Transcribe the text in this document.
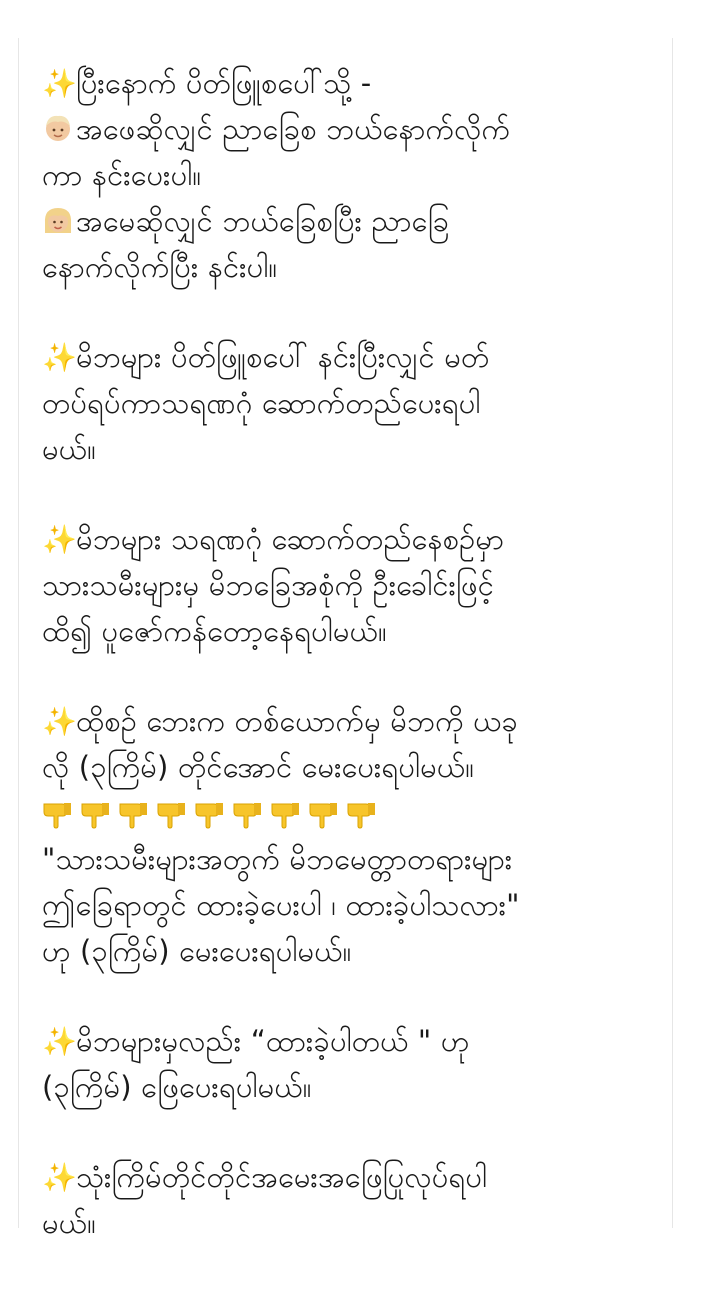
✨ပြီးနောက် ပိတ်ဖြူစပေါ်သို့ -
အဖေဆိုလျှင် ညာခြေစ ဘယ်နောက်လိုက်
ကာ နင်းပေးပါ။
အမေဆိုလျှင် ဘယ်ခြေစပြီး ညာခြေ
နောက်လိုက်ပြီး နင်းပါ။
✨မိဘများ ပိတ်ဖြူစပေါ် နင်းပြီးလျှင် မတ်
တပ်ရပ်ကာသရဏဂုံ ဆောက်တည်ပေးရပါ
မယ်။
✨မိဘများ သရဏဂုံ ဆောက်တည်နေစဉ်မှာ
သားသမီးများမှ မိဘခြေအစုံကို ဦးခေါင်းဖြင့်
ထိ၍ ပူဇော်ကန်တော့နေရပါမယ်။
✨ထိုစဉ် ဘေးက တစ်ယောက်မှ မိဘကို ယခု
လို (၃ကြိမ်) တိုင်အောင် မေးပေးရပါမယ်။
"သားသမီးများအတွက် မိဘမေတ္တာတရားများ
ဤခြေရာတွင် ထားခဲ့ပေးပါ ၊ ထားခဲ့ပါသလား"
ဟု (၃ကြိမ်) မေးပေးရပါမယ်။
✨မိဘများမှလည်း “ထားခဲ့ပါတယ် " ဟု
(၃ကြိမ်) ဖြေပေးရပါမယ်။
✨သုံးကြိမ်တိုင်တိုင်အမေးအဖြေပြုလုပ်ရပါ
မယ်။
